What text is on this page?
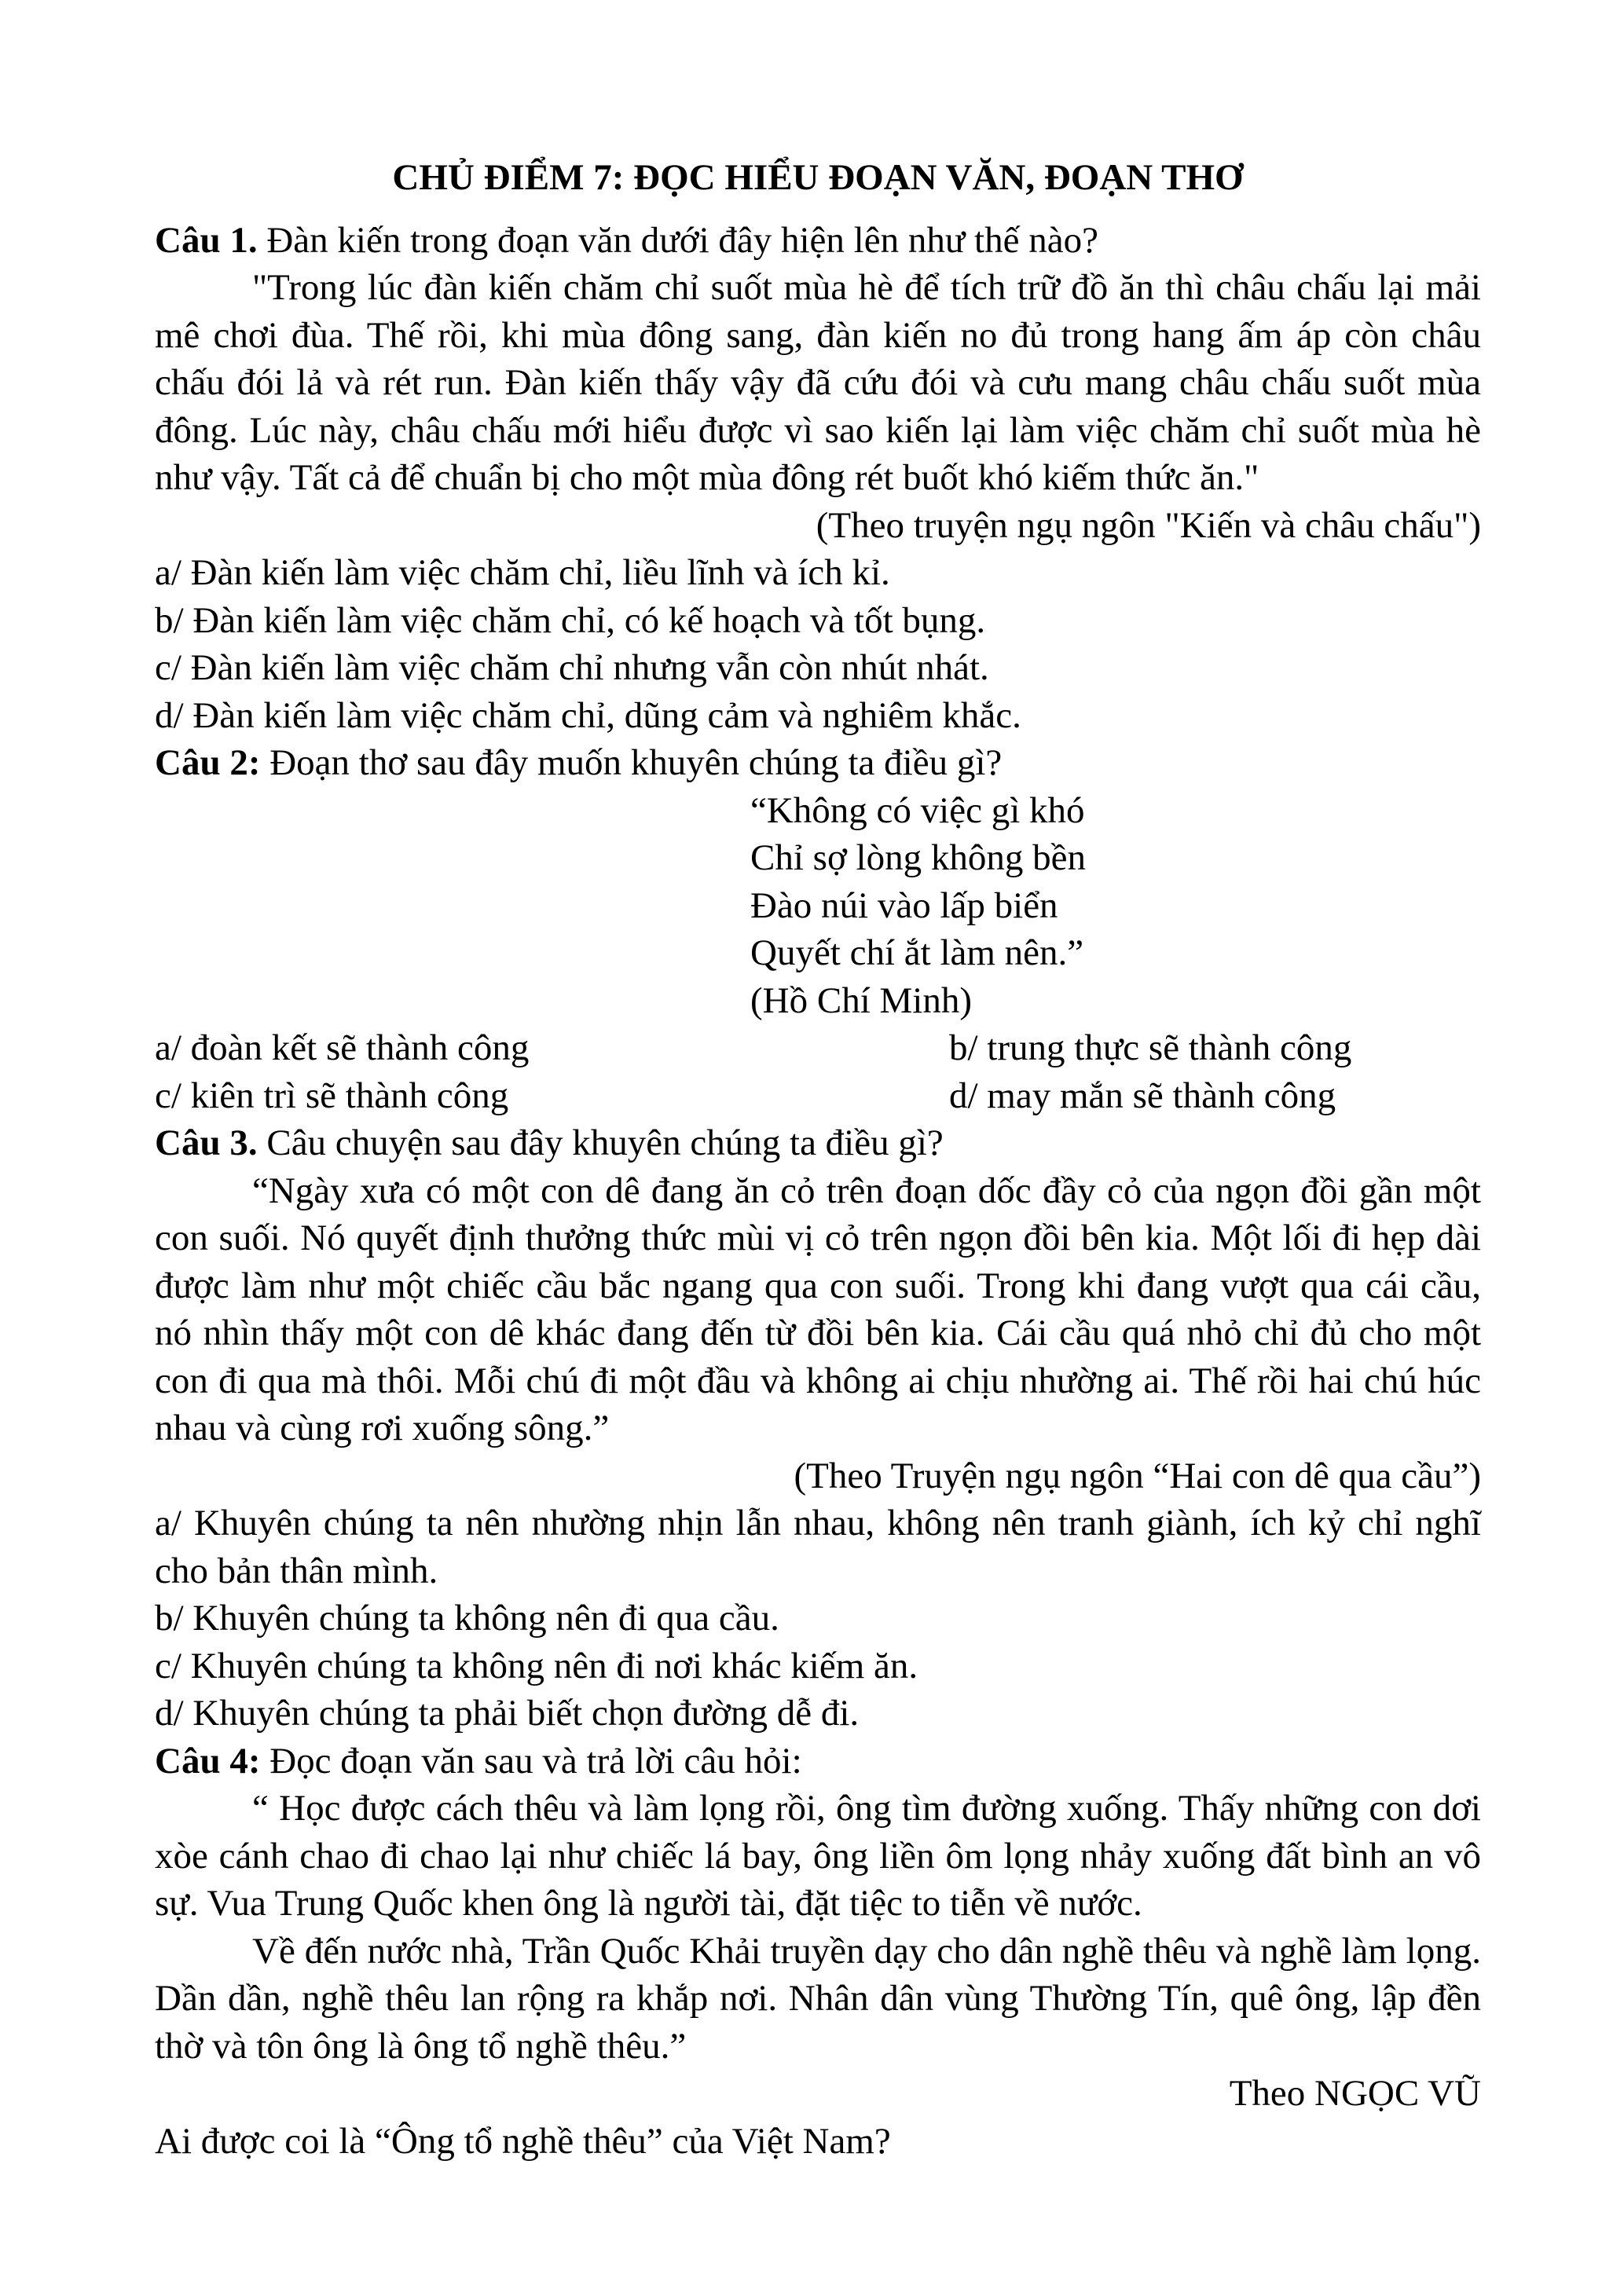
CHỦ ĐIỂM 7: ĐỌC HIỂU ĐOẠN VĂN, ĐOẠN THƠ

Câu 1. Đàn kiến trong đoạn văn dưới đây hiện lên như thế nào?

"Trong lúc đàn kiến chăm chỉ suốt mùa hè để tích trữ đồ ăn thì châu chấu lại mải mê chơi đùa. Thế rồi, khi mùa đông sang, đàn kiến no đủ trong hang ấm áp còn châu chấu đói lả và rét run. Đàn kiến thấy vậy đã cứu đói và cưu mang châu chấu suốt mùa đông. Lúc này, châu chấu mới hiểu được vì sao kiến lại làm việc chăm chỉ suốt mùa hè như vậy. Tất cả để chuẩn bị cho một mùa đông rét buốt khó kiếm thức ăn."

(Theo truyện ngụ ngôn "Kiến và châu chấu")

a/ Đàn kiến làm việc chăm chỉ, liều lĩnh và ích kỉ.

b/ Đàn kiến làm việc chăm chỉ, có kế hoạch và tốt bụng.

c/ Đàn kiến làm việc chăm chỉ nhưng vẫn còn nhút nhát.

d/ Đàn kiến làm việc chăm chỉ, dũng cảm và nghiêm khắc.

Câu 2: Đoạn thơ sau đây muốn khuyên chúng ta điều gì?

“Không có việc gì khó
Chỉ sợ lòng không bền
Đào núi vào lấp biển
Quyết chí ắt làm nên.”
(Hồ Chí Minh)
a/ đoàn kết sẽ thành công	b/ trung thực sẽ thành công
c/ kiên trì sẽ thành công	d/ may mắn sẽ thành công

Câu 3. Câu chuyện sau đây khuyên chúng ta điều gì?

“Ngày xưa có một con dê đang ăn cỏ trên đoạn dốc đầy cỏ của ngọn đồi gần một con suối. Nó quyết định thưởng thức mùi vị cỏ trên ngọn đồi bên kia. Một lối đi hẹp dài được làm như một chiếc cầu bắc ngang qua con suối. Trong khi đang vượt qua cái cầu, nó nhìn thấy một con dê khác đang đến từ đồi bên kia. Cái cầu quá nhỏ chỉ đủ cho một con đi qua mà thôi. Mỗi chú đi một đầu và không ai chịu nhường ai. Thế rồi hai chú húc nhau và cùng rơi xuống sông.”

(Theo Truyện ngụ ngôn “Hai con dê qua cầu”)

a/ Khuyên chúng ta nên nhường nhịn lẫn nhau, không nên tranh giành, ích kỷ chỉ nghĩ cho bản thân mình.

b/ Khuyên chúng ta không nên đi qua cầu.

c/ Khuyên chúng ta không nên đi nơi khác kiếm ăn.

d/ Khuyên chúng ta phải biết chọn đường dễ đi.

Câu 4: Đọc đoạn văn sau và trả lời câu hỏi:

“ Học được cách thêu và làm lọng rồi, ông tìm đường xuống. Thấy những con dơi xòe cánh chao đi chao lại như chiếc lá bay, ông liền ôm lọng nhảy xuống đất bình an vô sự. Vua Trung Quốc khen ông là người tài, đặt tiệc to tiễn về nước.

Về đến nước nhà, Trần Quốc Khải truyền dạy cho dân nghề thêu và nghề làm lọng. Dần dần, nghề thêu lan rộng ra khắp nơi. Nhân dân vùng Thường Tín, quê ông, lập đền thờ và tôn ông là ông tổ nghề thêu.”

Theo NGỌC VŨ

Ai được coi là “Ông tổ nghề thêu” của Việt Nam?
